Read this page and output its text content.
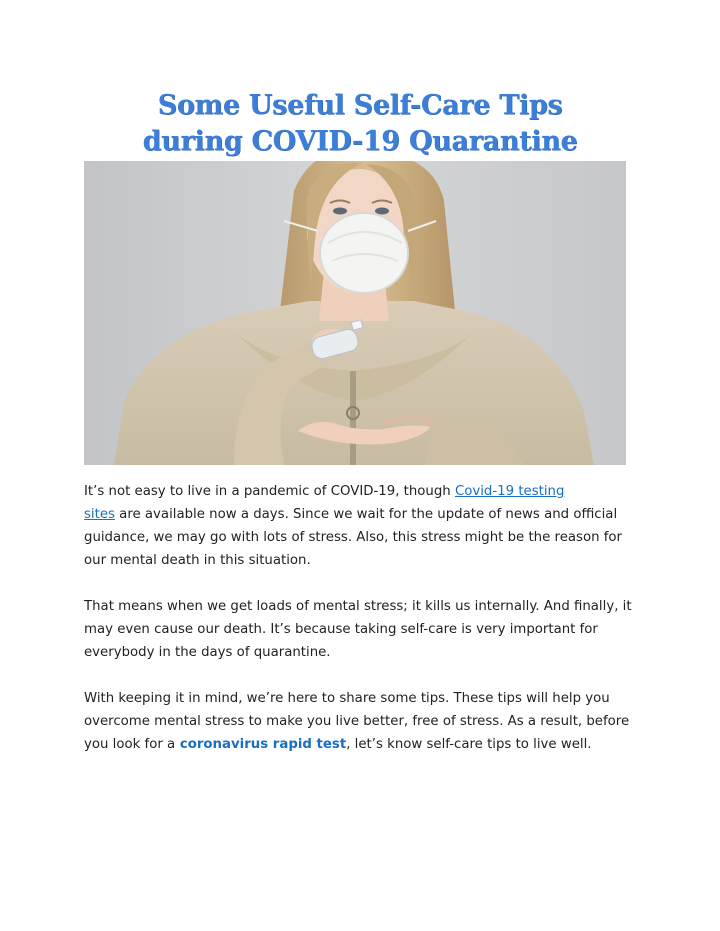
Some Useful Self-Care Tips
during COVID-19 Quarantine

It’s not easy to live in a pandemic of COVID-19, though Covid-19 testing
sites are available now a days. Since we wait for the update of news and official guidance, we may go with lots of stress. Also, this stress might be the reason for our mental death in this situation.

That means when we get loads of mental stress; it kills us internally. And finally, it may even cause our death. It’s because taking self-care is very important for everybody in the days of quarantine.

With keeping it in mind, we’re here to share some tips. These tips will help you overcome mental stress to make you live better, free of stress. As a result, before you look for a coronavirus rapid test, let’s know self-care tips to live well.
